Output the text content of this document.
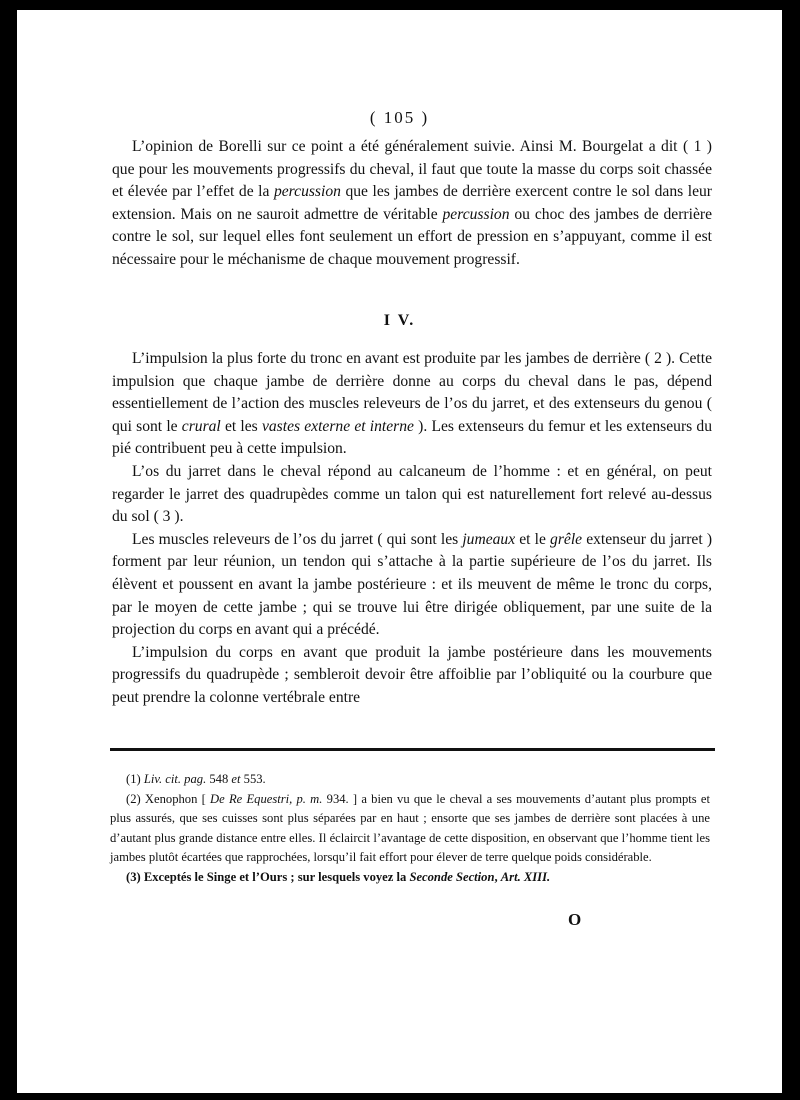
( 105 )

L’opinion de Borelli sur ce point a été généralement suivie. Ainsi M. Bourgelat a dit ( 1 ) que pour les mouvements progressifs du cheval, il faut que toute la masse du corps soit chassée et élevée par l’effet de la percussion que les jambes de derrière exercent contre le sol dans leur extension. Mais on ne sauroit admettre de véritable percussion ou choc des jambes de derrière contre le sol, sur lequel elles font seulement un effort de pression en s’appuyant, comme il est nécessaire pour le méchanisme de chaque mouvement progressif.

I V.

L’impulsion la plus forte du tronc en avant est produite par les jambes de derrière ( 2 ). Cette impulsion que chaque jambe de derrière donne au corps du cheval dans le pas, dépend essentiellement de l’action des muscles releveurs de l’os du jarret, et des extenseurs du genou ( qui sont le crural et les vastes externe et interne ). Les extenseurs du femur et les extenseurs du pié contribuent peu à cette impulsion.

L’os du jarret dans le cheval répond au calcaneum de l’homme : et en général, on peut regarder le jarret des quadrupèdes comme un talon qui est naturellement fort relevé au-dessus du sol ( 3 ).

Les muscles releveurs de l’os du jarret ( qui sont les jumeaux et le grêle extenseur du jarret ) forment par leur réunion, un tendon qui s’attache à la partie supérieure de l’os du jarret. Ils élèvent et poussent en avant la jambe postérieure : et ils meuvent de même le tronc du corps, par le moyen de cette jambe ; qui se trouve lui être dirigée obliquement, par une suite de la projection du corps en avant qui a précédé.

L’impulsion du corps en avant que produit la jambe postérieure dans les mouvements progressifs du quadrupède ; sembleroit devoir être affoiblie par l’obliquité ou la courbure que peut prendre la colonne vertébrale entre

(1) Liv. cit. pag. 548 et 553.

(2) Xenophon [ De Re Equestri, p. m. 934. ] a bien vu que le cheval a ses mouvements d’autant plus prompts et plus assurés, que ses cuisses sont plus séparées par en haut ; ensorte que ses jambes de derrière sont placées à une d’autant plus grande distance entre elles. Il éclaircit l’avantage de cette disposition, en observant que l’homme tient les jambes plutôt écartées que rapprochées, lorsqu’il fait effort pour élever de terre quelque poids considérable.

(3) Exceptés le Singe et l’Ours ; sur lesquels voyez la Seconde Section, Art. XIII.

O
